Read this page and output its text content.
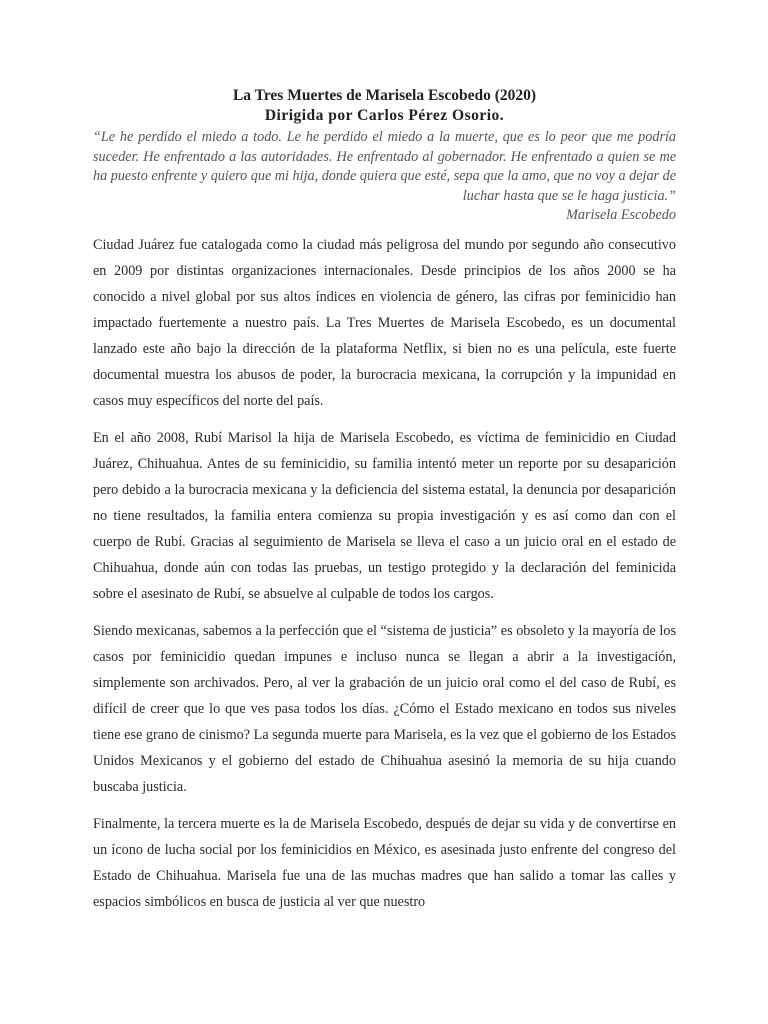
La Tres Muertes de Marisela Escobedo (2020)
Dirigida por Carlos Pérez Osorio.
“Le he perdido el miedo a todo. Le he perdido el miedo a la muerte, que es lo peor que me podría suceder. He enfrentado a las autoridades. He enfrentado al gobernador. He enfrentado a quien se me ha puesto enfrente y quiero que mi hija, donde quiera que esté, sepa que la amo, que no voy a dejar de luchar hasta que se le haga justicia.”
Marisela Escobedo

Ciudad Juárez fue catalogada como la ciudad más peligrosa del mundo por segundo año consecutivo en 2009 por distintas organizaciones internacionales. Desde principios de los años 2000 se ha conocido a nivel global por sus altos índices en violencia de género, las cifras por feminicidio han impactado fuertemente a nuestro país. La Tres Muertes de Marisela Escobedo, es un documental lanzado este año bajo la dirección de la plataforma Netflix, si bien no es una película, este fuerte documental muestra los abusos de poder, la burocracia mexicana, la corrupción y la impunidad en casos muy específicos del norte del país.

En el año 2008, Rubí Marisol la hija de Marisela Escobedo, es víctima de feminicidio en Ciudad Juárez, Chihuahua. Antes de su feminicidio, su familia intentó meter un reporte por su desaparición pero debido a la burocracia mexicana y la deficiencia del sistema estatal, la denuncia por desaparición no tiene resultados, la familia entera comienza su propia investigación y es así como dan con el cuerpo de Rubí. Gracias al seguimiento de Marisela se lleva el caso a un juicio oral en el estado de Chihuahua, donde aún con todas las pruebas, un testigo protegido y la declaración del feminicida sobre el asesinato de Rubí, se absuelve al culpable de todos los cargos.

Siendo mexicanas, sabemos a la perfección que el “sistema de justicia” es obsoleto y la mayoría de los casos por feminicidio quedan impunes e incluso nunca se llegan a abrir a la investigación, simplemente son archivados. Pero, al ver la grabación de un juicio oral como el del caso de Rubí, es difícil de creer que lo que ves pasa todos los días. ¿Cómo el Estado mexicano en todos sus niveles tiene ese grano de cinismo? La segunda muerte para Marisela, es la vez que el gobierno de los Estados Unidos Mexicanos y el gobierno del estado de Chihuahua asesinó la memoria de su hija cuando buscaba justicia.

Finalmente, la tercera muerte es la de Marisela Escobedo, después de dejar su vida y de convertirse en un ícono de lucha social por los feminicidios en México, es asesinada justo enfrente del congreso del Estado de Chihuahua. Marisela fue una de las muchas madres que han salido a tomar las calles y espacios simbólicos en busca de justicia al ver que nuestro
